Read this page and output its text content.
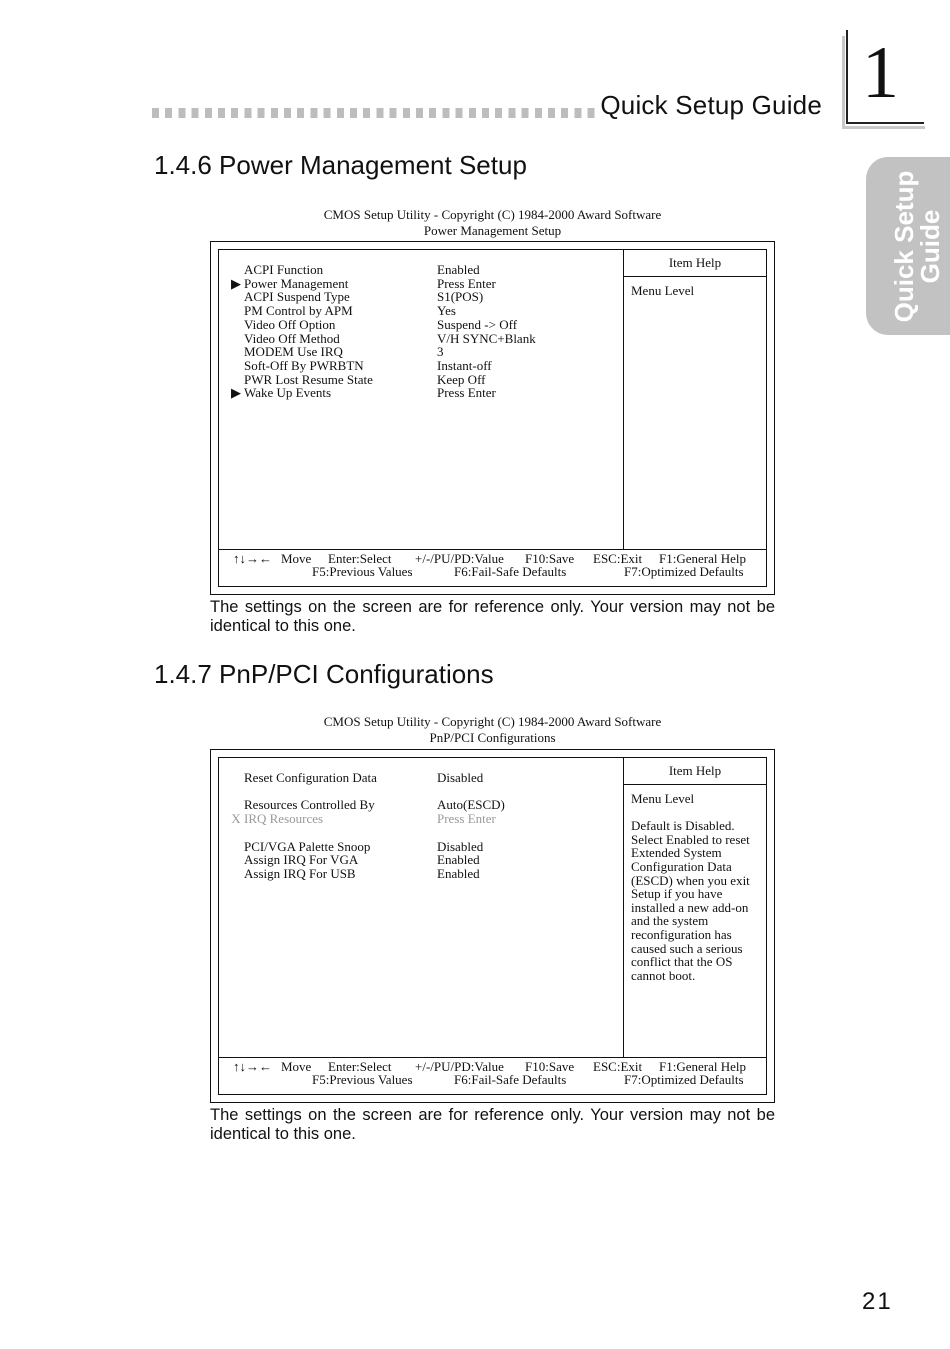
Quick Setup Guide 1
Quick Setup
Guide
1.4.6 Power Management Setup
CMOS Setup Utility - Copyright (C) 1984-2000 Award Software
Power Management Setup
ACPI Function	Enabled
▶ Power Management	Press Enter
ACPI Suspend Type	S1(POS)
PM Control by APM	Yes
Video Off Option	Suspend -> Off
Video Off Method	V/H SYNC+Blank
MODEM Use IRQ	3
Soft-Off By PWRBTN	Instant-off
PWR Lost Resume State	Keep Off
▶ Wake Up Events	Press Enter
Item Help

Menu Level

↑↓→← Move Enter:Select +/-/PU/PD:Value F10:Save ESC:Exit F1:General Help
F5:Previous Values	F6:Fail-Safe Defaults	F7:Optimized Defaults
The settings on the screen are for reference only. Your version may not be identical to this one.
1.4.7 PnP/PCI Configurations
CMOS Setup Utility - Copyright (C) 1984-2000 Award Software
PnP/PCI Configurations
Reset Configuration Data	Disabled
Resources Controlled By	Auto(ESCD)
X IRQ Resources	Press Enter
PCI/VGA Palette Snoop	Disabled
Assign IRQ For VGA	Enabled
Assign IRQ For USB	Enabled
Item Help

Menu Level

Default is Disabled. Select Enabled to reset Extended System Configuration Data (ESCD) when you exit Setup if you have installed a new add-on and the system reconfiguration has caused such a serious conflict that the OS cannot boot.

↑↓→← Move Enter:Select +/-/PU/PD:Value F10:Save ESC:Exit F1:General Help
F5:Previous Values	F6:Fail-Safe Defaults	F7:Optimized Defaults
The settings on the screen are for reference only. Your version may not be identical to this one.
21
